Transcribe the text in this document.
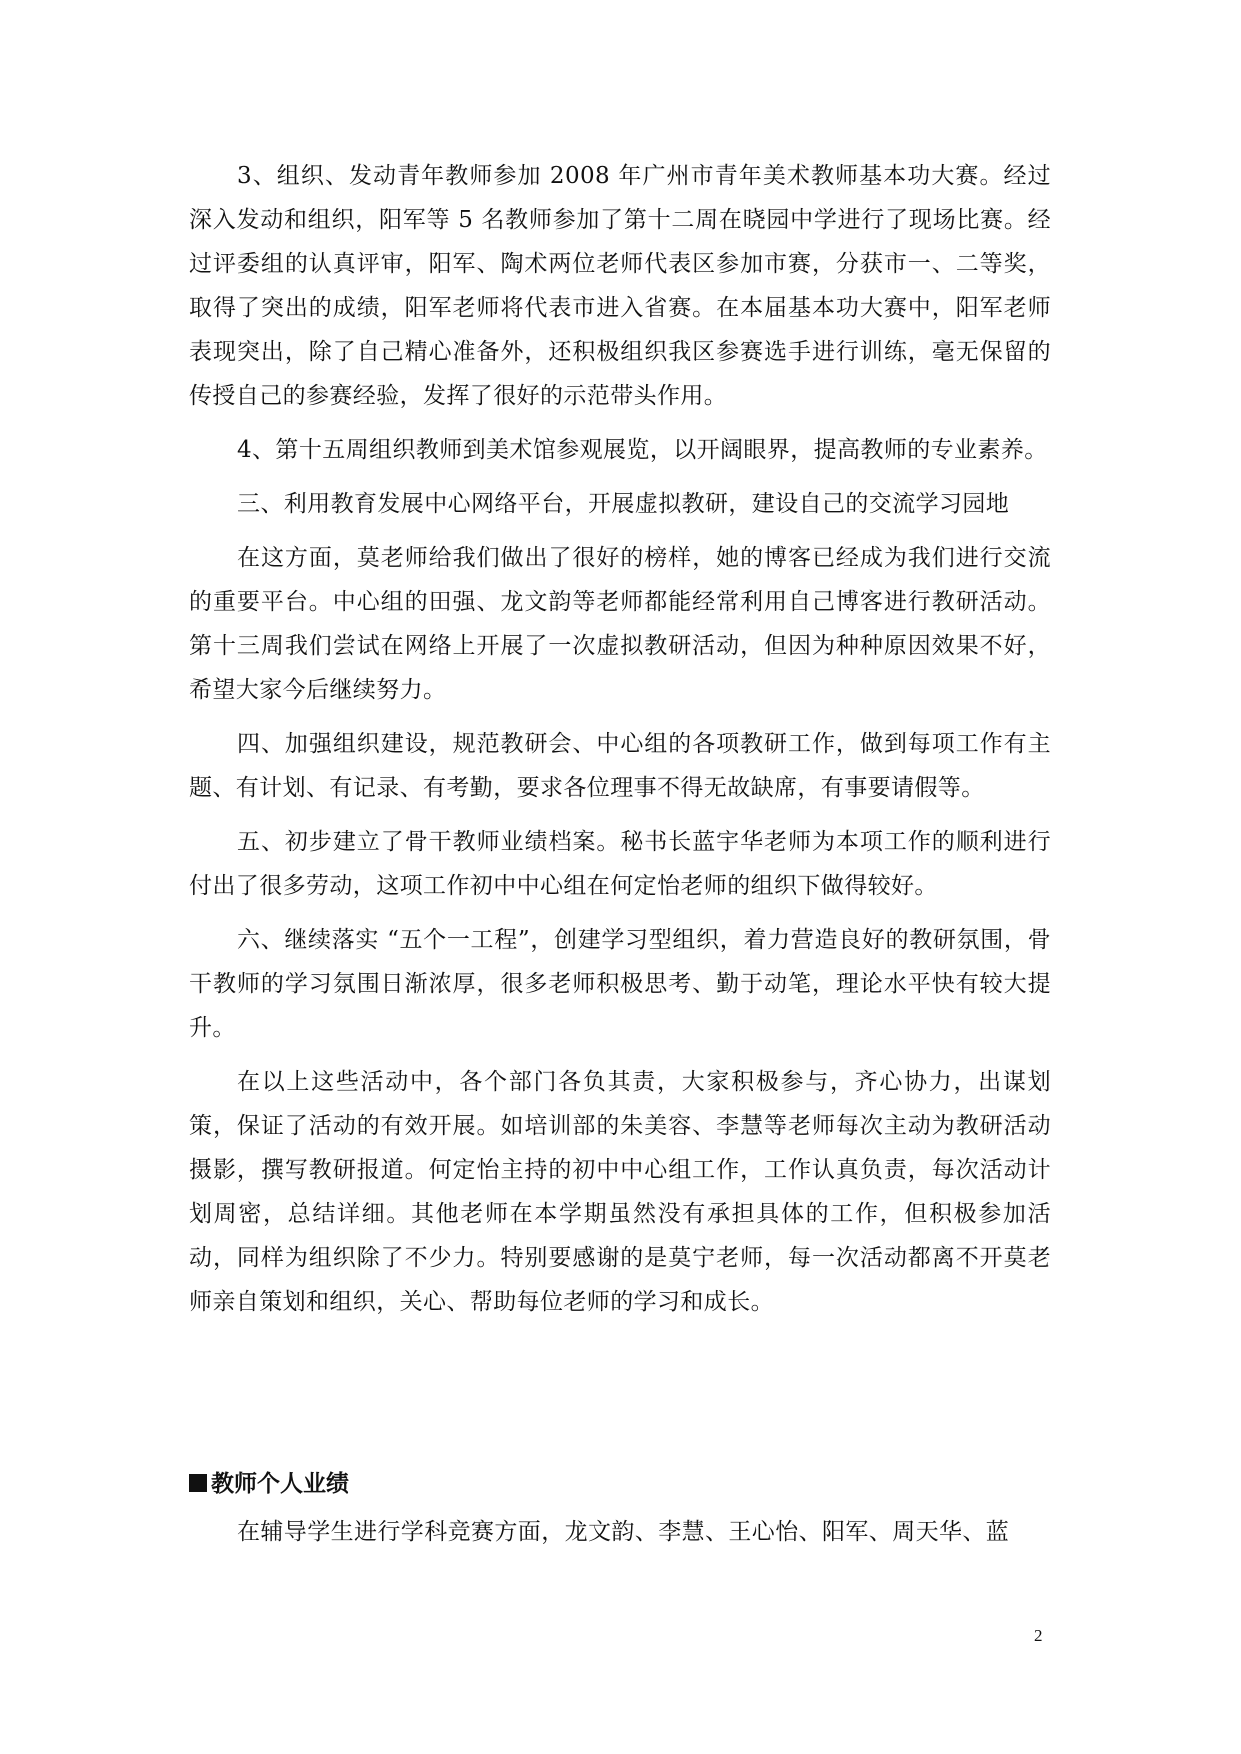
3、组织、发动青年教师参加 2008 年广州市青年美术教师基本功大赛。经过深入发动和组织，阳军等 5 名教师参加了第十二周在晓园中学进行了现场比赛。经过评委组的认真评审，阳军、陶术两位老师代表区参加市赛，分获市一、二等奖，取得了突出的成绩，阳军老师将代表市进入省赛。在本届基本功大赛中，阳军老师表现突出，除了自己精心准备外，还积极组织我区参赛选手进行训练，毫无保留的传授自己的参赛经验，发挥了很好的示范带头作用。

4、第十五周组织教师到美术馆参观展览，以开阔眼界，提高教师的专业素养。

三、利用教育发展中心网络平台，开展虚拟教研，建设自己的交流学习园地

在这方面，莫老师给我们做出了很好的榜样，她的博客已经成为我们进行交流的重要平台。中心组的田强、龙文韵等老师都能经常利用自己博客进行教研活动。第十三周我们尝试在网络上开展了一次虚拟教研活动，但因为种种原因效果不好，希望大家今后继续努力。

四、加强组织建设，规范教研会、中心组的各项教研工作，做到每项工作有主题、有计划、有记录、有考勤，要求各位理事不得无故缺席，有事要请假等。

五、初步建立了骨干教师业绩档案。秘书长蓝宇华老师为本项工作的顺利进行付出了很多劳动，这项工作初中中心组在何定怡老师的组织下做得较好。

六、继续落实 “五个一工程”，创建学习型组织，着力营造良好的教研氛围，骨干教师的学习氛围日渐浓厚，很多老师积极思考、勤于动笔，理论水平快有较大提升。

在以上这些活动中，各个部门各负其责，大家积极参与，齐心协力，出谋划策，保证了活动的有效开展。如培训部的朱美容、李慧等老师每次主动为教研活动摄影，撰写教研报道。何定怡主持的初中中心组工作，工作认真负责，每次活动计划周密，总结详细。其他老师在本学期虽然没有承担具体的工作，但积极参加活动，同样为组织除了不少力。特别要感谢的是莫宁老师，每一次活动都离不开莫老师亲自策划和组织，关心、帮助每位老师的学习和成长。

教师个人业绩

在辅导学生进行学科竞赛方面，龙文韵、李慧、王心怡、阳军、周天华、蓝

2
